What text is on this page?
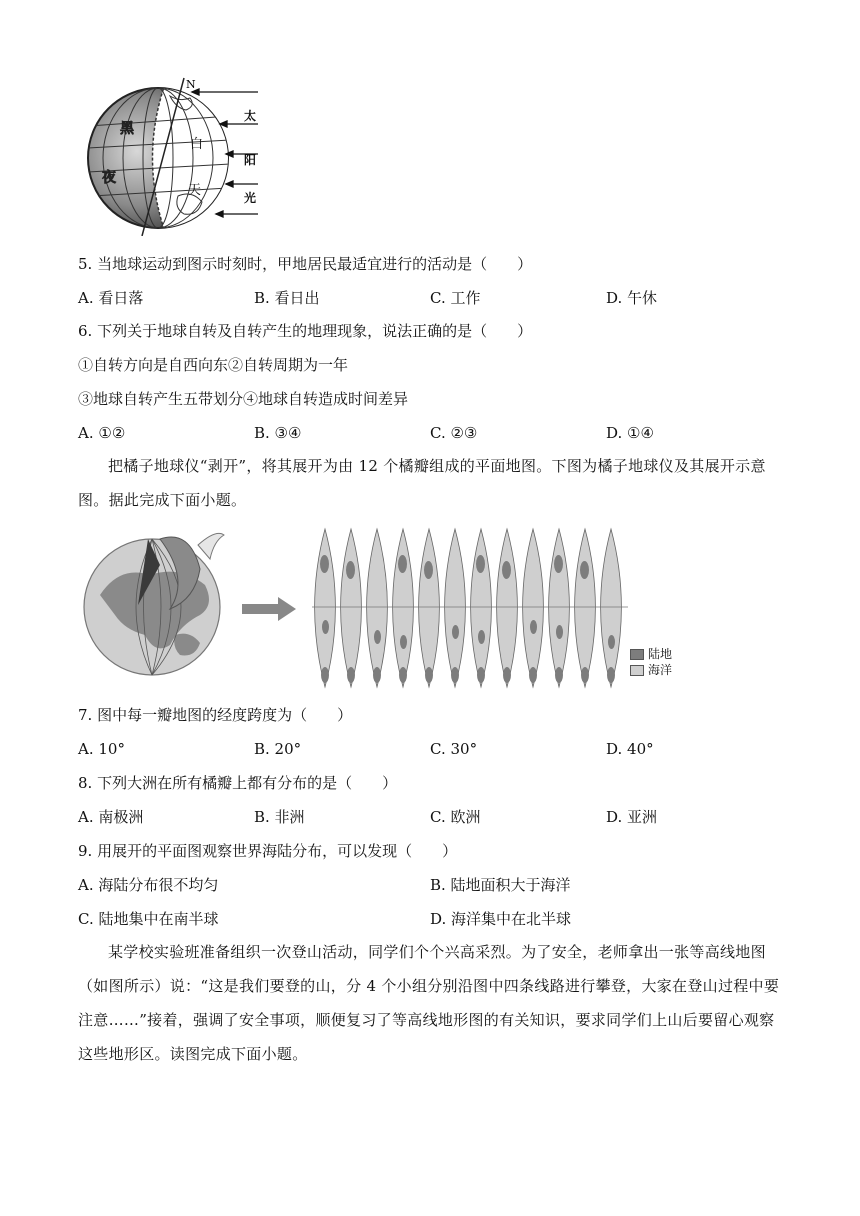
N
黑
夜
白
天
太
阳
光
5. 当地球运动到图示时刻时，甲地居民最适宜进行的活动是（　　）
A. 看日落	B. 看日出	C. 工作	D. 午休
6. 下列关于地球自转及自转产生的地理现象，说法正确的是（　　）
①自转方向是自西向东②自转周期为一年
③地球自转产生五带划分④地球自转造成时间差异
A. ①②	B. ③④	C. ②③	D. ①④
把橘子地球仪“剥开”，将其展开为由 12 个橘瓣组成的平面地图。下图为橘子地球仪及其展开示意图。据此完成下面小题。
陆地
海洋
7. 图中每一瓣地图的经度跨度为（　　）
A. 10°	B. 20°	C. 30°	D. 40°
8. 下列大洲在所有橘瓣上都有分布的是（　　）
A. 南极洲	B. 非洲	C. 欧洲	D. 亚洲
9. 用展开的平面图观察世界海陆分布，可以发现（　　）
A. 海陆分布很不均匀	B. 陆地面积大于海洋
C. 陆地集中在南半球	D. 海洋集中在北半球
某学校实验班准备组织一次登山活动，同学们个个兴高采烈。为了安全，老师拿出一张等高线地图（如图所示）说：“这是我们要登的山，分 4 个小组分别沿图中四条线路进行攀登，大家在登山过程中要注意……”接着，强调了安全事项，顺便复习了等高线地形图的有关知识，要求同学们上山后要留心观察这些地形区。读图完成下面小题。
